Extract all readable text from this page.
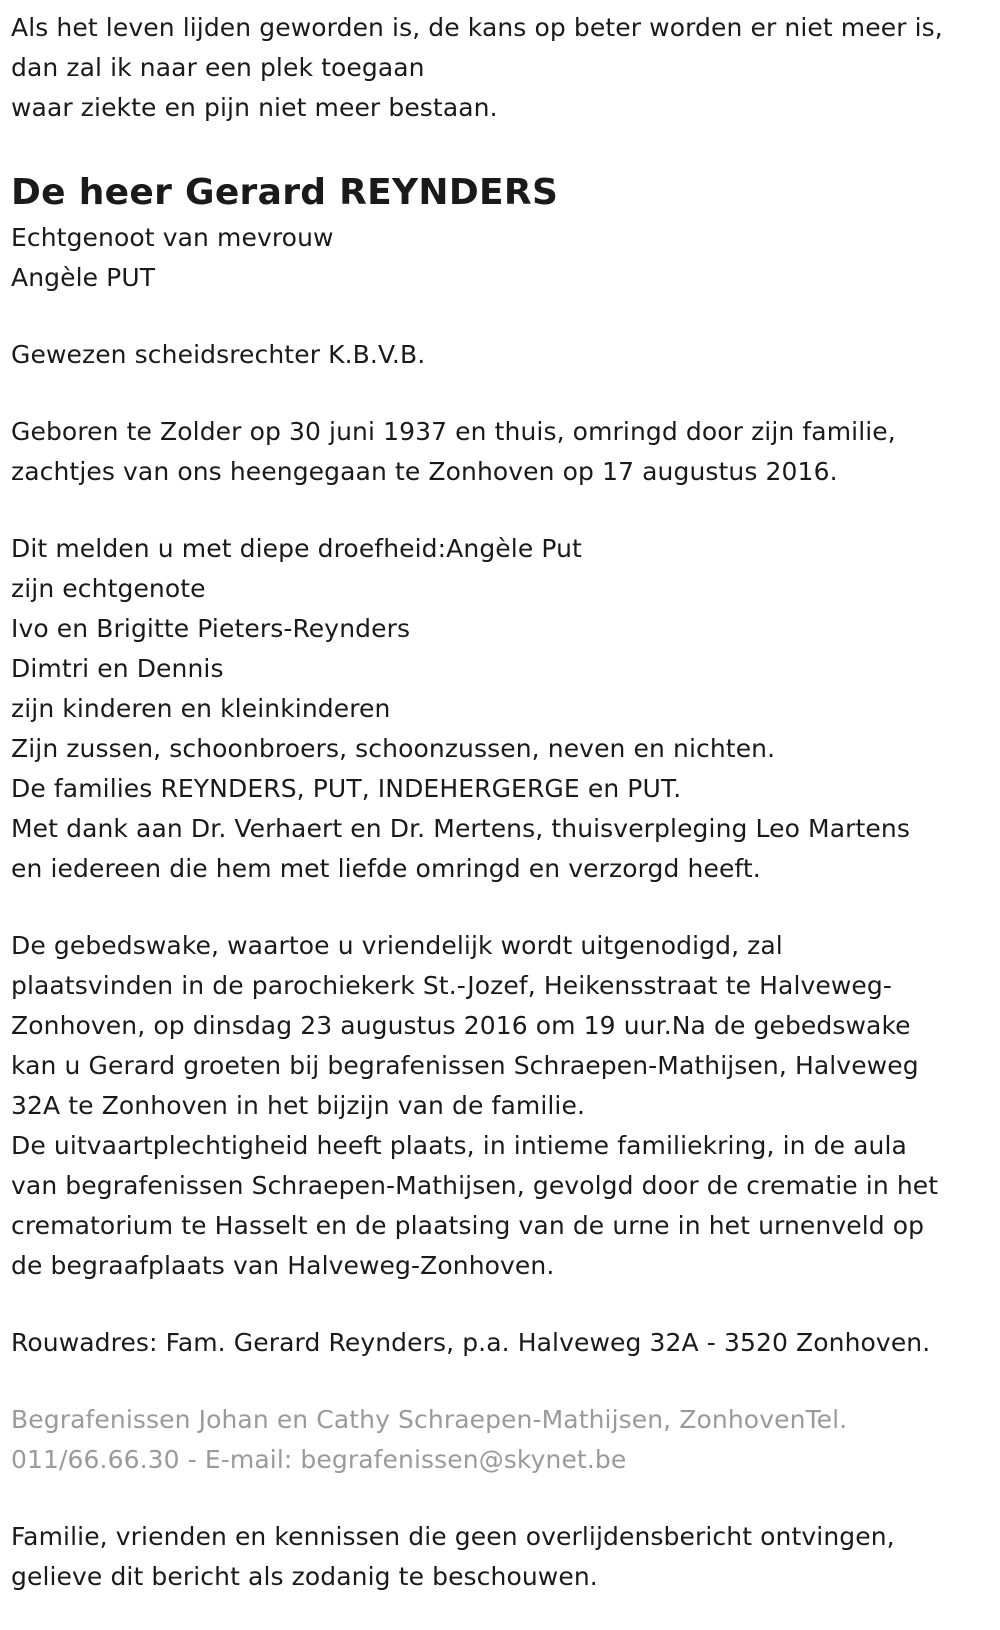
Als het leven lijden geworden is, de kans op beter worden er niet meer is,
dan zal ik naar een plek toegaan
waar ziekte en pijn niet meer bestaan.
De heer Gerard REYNDERS
Echtgenoot van mevrouw
Angèle PUT
Gewezen scheidsrechter K.B.V.B.
Geboren te Zolder op 30 juni 1937 en thuis, omringd door zijn familie,
zachtjes van ons heengegaan te Zonhoven op 17 augustus 2016.
Dit melden u met diepe droefheid:Angèle Put
zijn echtgenote
Ivo en Brigitte Pieters-Reynders
Dimtri en Dennis
zijn kinderen en kleinkinderen
Zijn zussen, schoonbroers, schoonzussen, neven en nichten.
De families REYNDERS, PUT, INDEHERGERGE en PUT.
Met dank aan Dr. Verhaert en Dr. Mertens, thuisverpleging Leo Martens
en iedereen die hem met liefde omringd en verzorgd heeft.
De gebedswake, waartoe u vriendelijk wordt uitgenodigd, zal
plaatsvinden in de parochiekerk St.-Jozef, Heikensstraat te Halveweg-
Zonhoven, op dinsdag 23 augustus 2016 om 19 uur.Na de gebedswake
kan u Gerard groeten bij begrafenissen Schraepen-Mathijsen, Halveweg
32A te Zonhoven in het bijzijn van de familie.
De uitvaartplechtigheid heeft plaats, in intieme familiekring, in de aula
van begrafenissen Schraepen-Mathijsen, gevolgd door de crematie in het
crematorium te Hasselt en de plaatsing van de urne in het urnenveld op
de begraafplaats van Halveweg-Zonhoven.
Rouwadres: Fam. Gerard Reynders, p.a. Halveweg 32A - 3520 Zonhoven.
Begrafenissen Johan en Cathy Schraepen-Mathijsen, ZonhovenTel.
011/66.66.30 - E-mail: begrafenissen@skynet.be
Familie, vrienden en kennissen die geen overlijdensbericht ontvingen,
gelieve dit bericht als zodanig te beschouwen.
